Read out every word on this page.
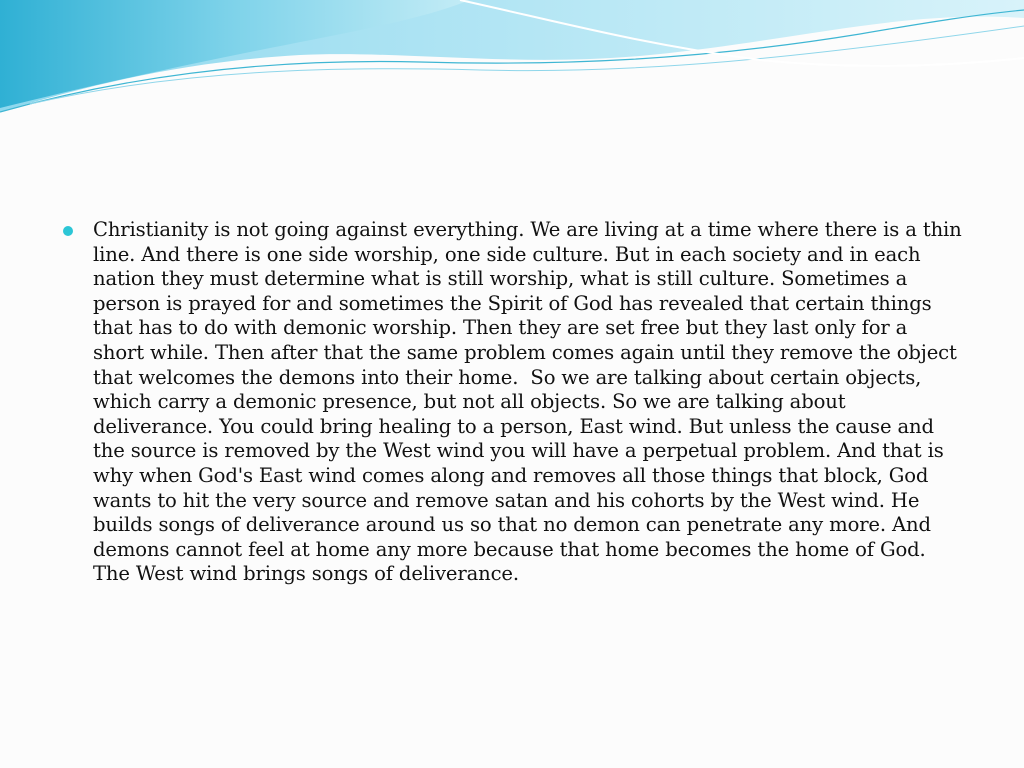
Christianity is not going against everything. We are living at a time where there is a thin line. And there is one side worship, one side culture. But in each society and in each nation they must determine what is still worship, what is still culture. Sometimes a person is prayed for and sometimes the Spirit of God has revealed that certain things that has to do with demonic worship. Then they are set free but they last only for a short while. Then after that the same problem comes again until they remove the object that welcomes the demons into their home.  So we are talking about certain objects, which carry a demonic presence, but not all objects. So we are talking about deliverance. You could bring healing to a person, East wind. But unless the cause and the source is removed by the West wind you will have a perpetual problem. And that is why when God's East wind comes along and removes all those things that block, God wants to hit the very source and remove satan and his cohorts by the West wind. He builds songs of deliverance around us so that no demon can penetrate any more. And demons cannot feel at home any more because that home becomes the home of God. The West wind brings songs of deliverance.
